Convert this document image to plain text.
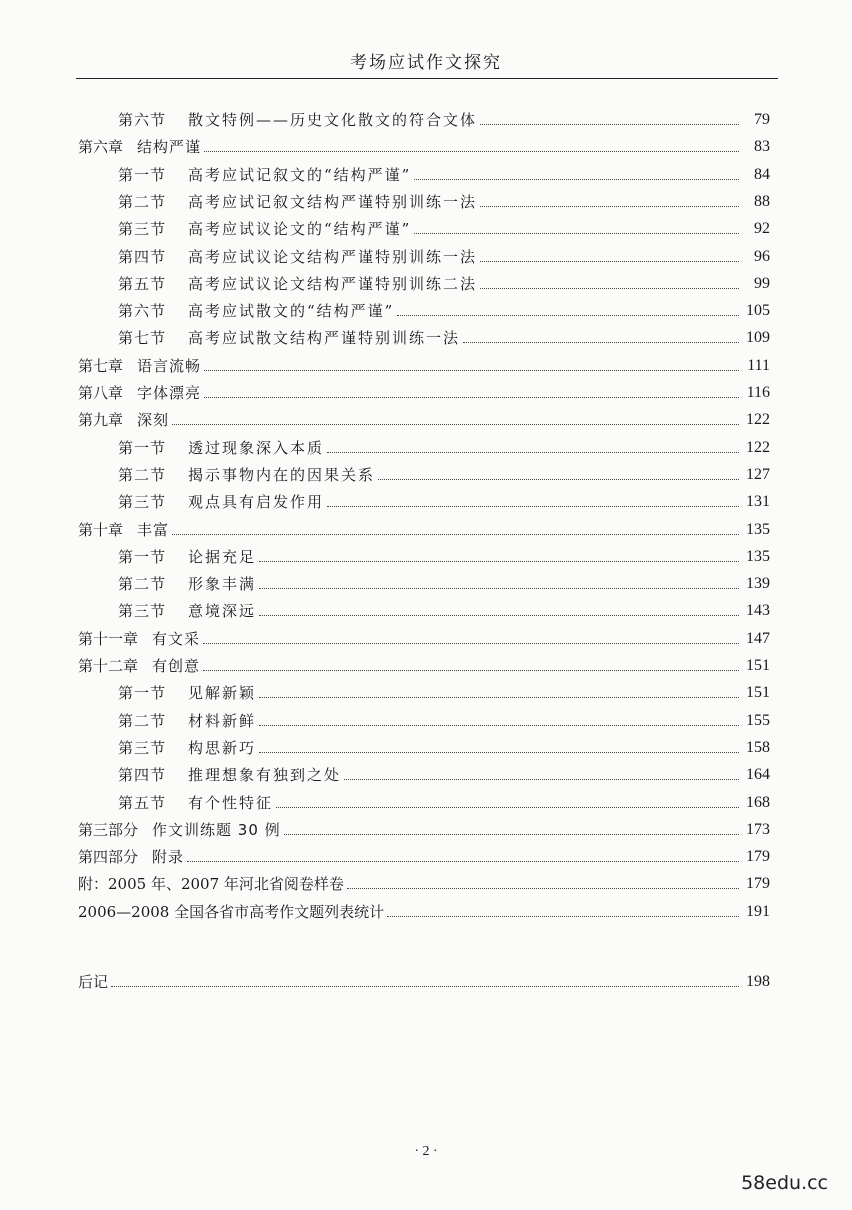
考场应试作文探究
第六节 散文特例——历史文化散文的符合文体	79
第六章 结构严谨	83
第一节 高考应试记叙文的“结构严谨”	84
第二节 高考应试记叙文结构严谨特别训练一法	88
第三节 高考应试议论文的“结构严谨”	92
第四节 高考应试议论文结构严谨特别训练一法	96
第五节 高考应试议论文结构严谨特别训练二法	99
第六节 高考应试散文的“结构严谨”	105
第七节 高考应试散文结构严谨特别训练一法	109
第七章 语言流畅	111
第八章 字体漂亮	116
第九章 深刻	122
第一节 透过现象深入本质	122
第二节 揭示事物内在的因果关系	127
第三节 观点具有启发作用	131
第十章 丰富	135
第一节 论据充足	135
第二节 形象丰满	139
第三节 意境深远	143
第十一章 有文采	147
第十二章 有创意	151
第一节 见解新颖	151
第二节 材料新鲜	155
第三节 构思新巧	158
第四节 推理想象有独到之处	164
第五节 有个性特征	168
第三部分 作文训练题 30 例	173
第四部分 附录	179
附：2005 年、2007 年河北省阅卷样卷	179
2006—2008 全国各省市高考作文题列表统计	191
后记	198
· 2 ·
58edu.cc
